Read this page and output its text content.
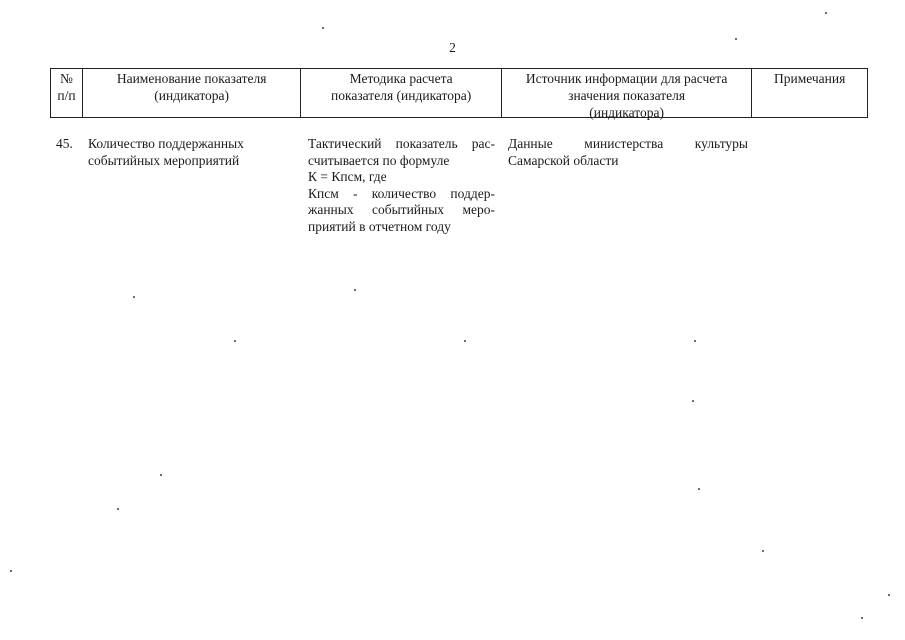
2
№
п/п
Наименование показателя
(индикатора)
Методика расчета
показателя (индикатора)
Источник информации для расчета
значения показателя
(индикатора)
Примечания
45.	Количество поддержанных
событийных мероприятий
Тактический показатель рас-
считывается по формуле
К = Кпсм, где
Кпсм - количество поддер-
жанных событийных меро-
приятий в отчетном году
Данные министерства культуры
Самарской области
